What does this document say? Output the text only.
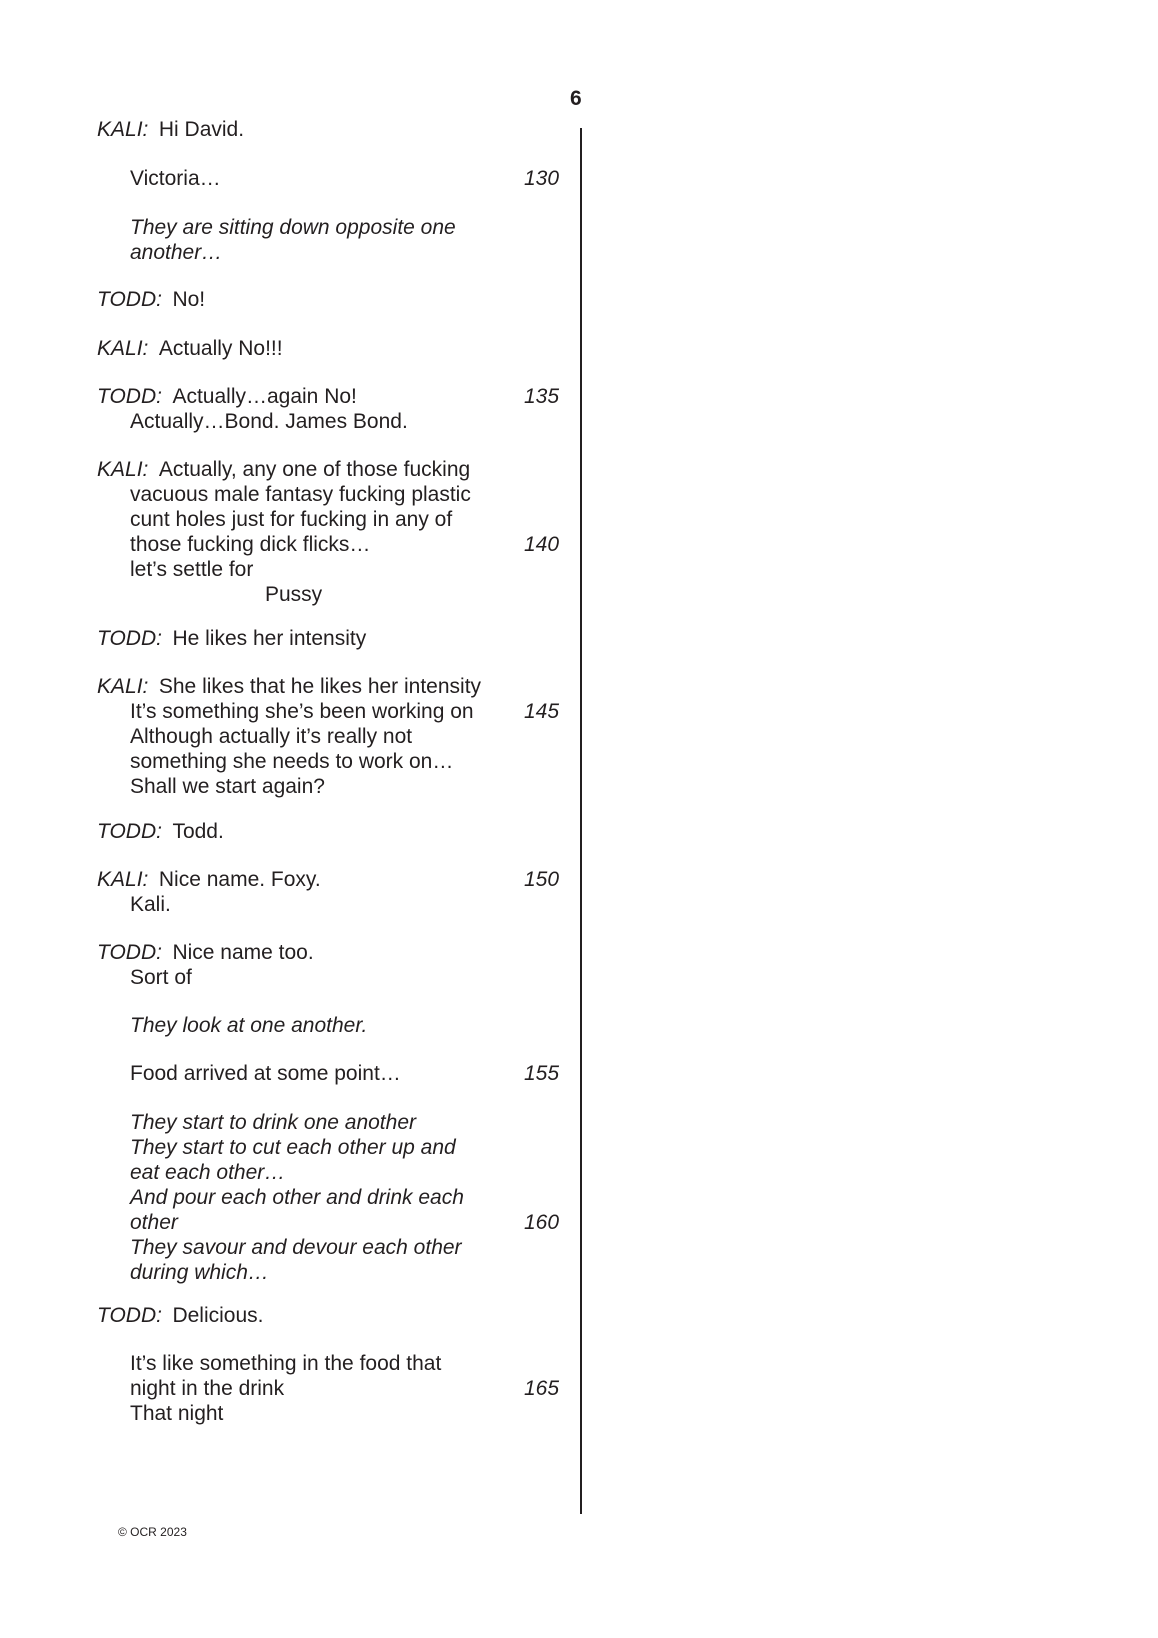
6
KALI:  Hi David.
Victoria…	130
They are sitting down opposite one
another…
TODD:  No!
KALI:  Actually No!!!
TODD:  Actually…again No!	135
Actually…Bond. James Bond.
KALI:  Actually, any one of those fucking
vacuous male fantasy fucking plastic
cunt holes just for fucking in any of
those fucking dick flicks…	140
let’s settle for
Pussy
TODD:  He likes her intensity
KALI:  She likes that he likes her intensity
It’s something she’s been working on 145
Although actually it’s really not
something she needs to work on…
Shall we start again?
TODD:  Todd.
KALI:  Nice name. Foxy.	150
Kali.
TODD:  Nice name too.
Sort of
They look at one another.
Food arrived at some point…	155
They start to drink one another
They start to cut each other up and
eat each other…
And pour each other and drink each
other	160
They savour and devour each other
during which…
TODD:  Delicious.
It’s like something in the food that
night in the drink	165
That night
© OCR 2023
